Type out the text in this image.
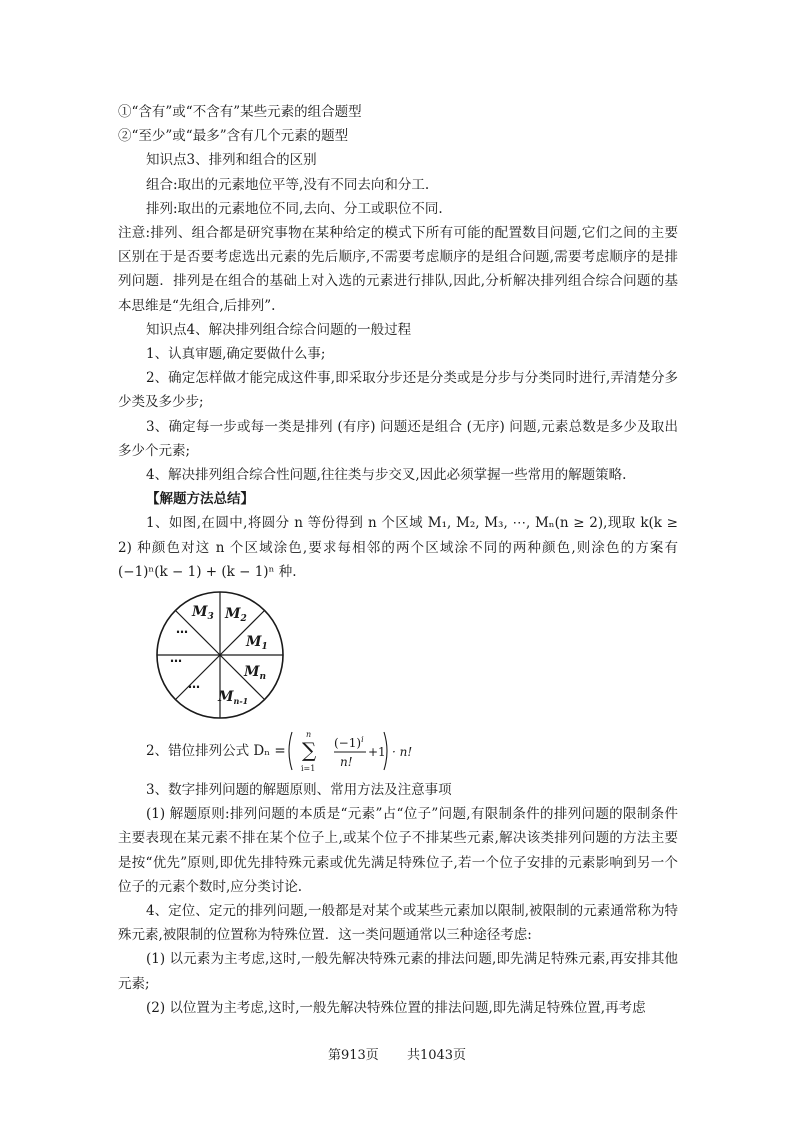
①“含有”或“不含有”某些元素的组合题型

②“至少”或“最多”含有几个元素的题型

知识点3、排列和组合的区别

组合:取出的元素地位平等,没有不同去向和分工.

排列:取出的元素地位不同,去向、分工或职位不同.

注意:排列、组合都是研究事物在某种给定的模式下所有可能的配置数目问题,它们之间的主要区别在于是否要考虑选出元素的先后顺序,不需要考虑顺序的是组合问题,需要考虑顺序的是排列问题．排列是在组合的基础上对入选的元素进行排队,因此,分析解决排列组合综合问题的基本思维是“先组合,后排列”.

知识点4、解决排列组合综合问题的一般过程

1、认真审题,确定要做什么事;

2、确定怎样做才能完成这件事,即采取分步还是分类或是分步与分类同时进行,弄清楚分多少类及多少步;

3、确定每一步或每一类是排列 (有序) 问题还是组合 (无序) 问题,元素总数是多少及取出多少个元素;

4、解决排列组合综合性问题,往往类与步交叉,因此必须掌握一些常用的解题策略.

【解题方法总结】

1、如图,在圆中,将圆分 n 等份得到 n 个区域 M₁, M₂, M₃, ⋯, Mₙ(n ≥ 2),现取 k(k ≥ 2) 种颜色对这 n 个区域涂色,要求每相邻的两个区域涂不同的两种颜色,则涂色的方案有 (−1)ⁿ(k − 1) + (k − 1)ⁿ 种.

$M_3$ $M_2$
$M_1$
$M_n$
$M_{n-1}$
…
…
…
2、错位排列公式 Dₙ = ∑
n
i=1
$(-1)^i$
n!
+1 · n!

3、数字排列问题的解题原则、常用方法及注意事项

(1) 解题原则:排列问题的本质是“元素”占“位子”问题,有限制条件的排列问题的限制条件主要表现在某元素不排在某个位子上,或某个位子不排某些元素,解决该类排列问题的方法主要是按“优先”原则,即优先排特殊元素或优先满足特殊位子,若一个位子安排的元素影响到另一个位子的元素个数时,应分类讨论.

4、定位、定元的排列问题,一般都是对某个或某些元素加以限制,被限制的元素通常称为特殊元素,被限制的位置称为特殊位置．这一类问题通常以三种途径考虑:

(1) 以元素为主考虑,这时,一般先解决特殊元素的排法问题,即先满足特殊元素,再安排其他元素;

(2) 以位置为主考虑,这时,一般先解决特殊位置的排法问题,即先满足特殊位置,再考虑

第913页 共1043页
